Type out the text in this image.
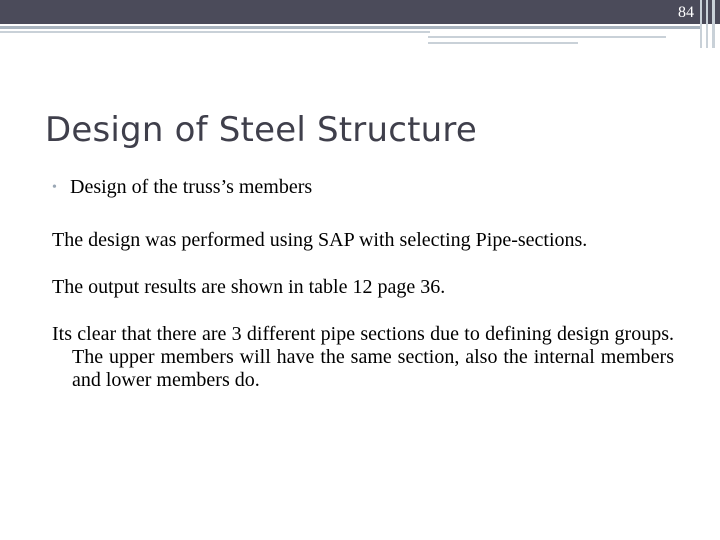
84
Design of Steel Structure
• Design of the truss’s members

The design was performed using SAP with selecting Pipe-sections.

The output results are shown in table 12 page 36.

Its clear that there are 3 different pipe sections due to defining design groups. The upper members will have the same section, also the internal members and lower members do.
